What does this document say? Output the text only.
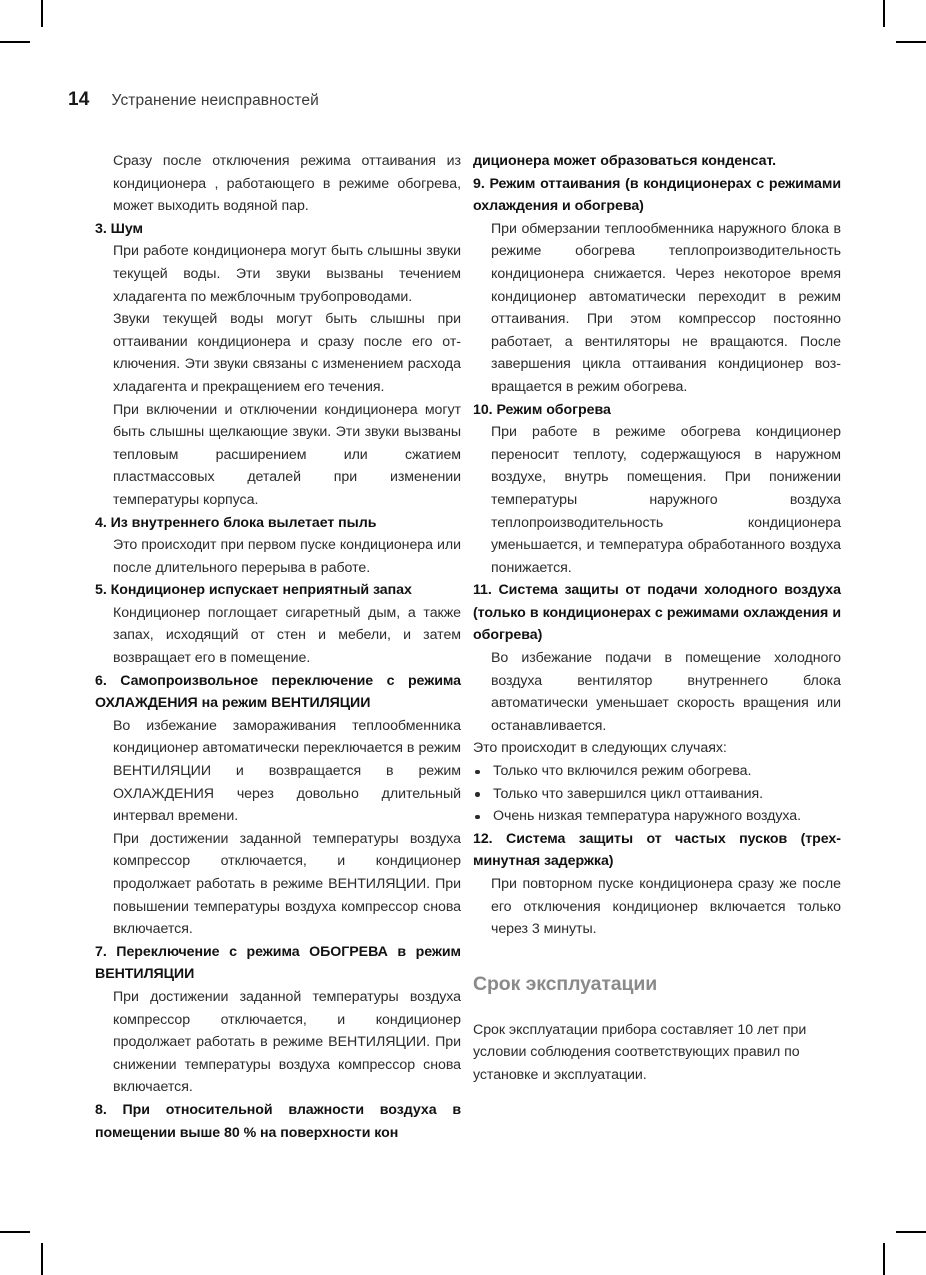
14 Устранение неисправностей

Сразу после отключения режима оттаивания из кондиционера , работающего в режиме обогрева, может выходить водяной пар.

3. Шум

При работе кондиционера могут быть слышны звуки текущей воды. Эти звуки вызваны течением хладагента по межблочным трубопроводами.

Звуки текущей воды могут быть слышны при оттаивании кондиционера и сразу после его отключения. Эти звуки связаны с изменением расхода хладагента и прекращением его течения.

При включении и отключении кондиционера могут быть слышны щелкающие звуки. Эти звуки вызваны тепловым расширением или сжатием пластмассовых деталей при изменении температуры корпуса.

4. Из внутреннего блока вылетает пыль

Это происходит при первом пуске кондиционера или после длительного перерыва в работе.

5. Кондиционер испускает неприятный запах

Кондиционер поглощает сигаретный дым, а также запах, исходящий от стен и мебели, и затем возвращает его в помещение.

6. Самопроизвольное переключение с режима ОХЛАЖДЕНИЯ на режим ВЕНТИЛЯЦИИ

Во избежание замораживания теплообменника кондиционер автоматически переключается в режим ВЕНТИЛЯЦИИ и возвращается в режим ОХЛАЖДЕНИЯ через довольно длительный интервал времени.

При достижении заданной температуры воздуха компрессор отключается, и кондиционер продолжает работать в режиме ВЕНТИЛЯЦИИ. При повышении температуры воздуха компрессор снова включается.

7. Переключение с режима ОБОГРЕВА в режим ВЕНТИЛЯЦИИ

При достижении заданной температуры воздуха компрессор отключается, и кондиционер продолжает работать в режиме ВЕНТИЛЯЦИИ. При снижении температуры воздуха компрессор снова включается.

8. При относительной влажности воздуха в помещении выше 80 % на поверхности кон

диционера может образоваться конденсат.

9. Режим оттаивания (в кондиционерах с режимами охлаждения и обогрева)

При обмерзании теплообменника наружного блока в режиме обогрева теплопроизводительность кондиционера снижается. Через некоторое время кондиционер автоматически переходит в режим оттаивания. При этом компрессор постоянно работает, а вентиляторы не вращаются. После завершения цикла оттаивания кондиционер возвращается в режим обогрева.

10. Режим обогрева

При работе в режиме обогрева кондиционер переносит теплоту, содержащуюся в наружном воздухе, внутрь помещения. При понижении температуры наружного воздуха теплопроизводительность кондиционера уменьшается, и температура обработанного воздуха понижается.

11. Система защиты от подачи холодного воздуха (только в кондиционерах с режимами охлаждения и обогрева)

Во избежание подачи в помещение холодного воздуха вентилятор внутреннего блока автоматически уменьшает скорость вращения или останавливается.

Это происходит в следующих случаях:

Только что включился режим обогрева.
Только что завершился цикл оттаивания.
Очень низкая температура наружного воздуха.

12. Система защиты от частых пусков (трехминутная задержка)

При повторном пуске кондиционера сразу же после его отключения кондиционер включается только через 3 минуты.

Срок эксплуатации

Срок эксплуатации прибора составляет 10 лет при условии соблюдения соответствующих правил по установке и эксплуатации.
